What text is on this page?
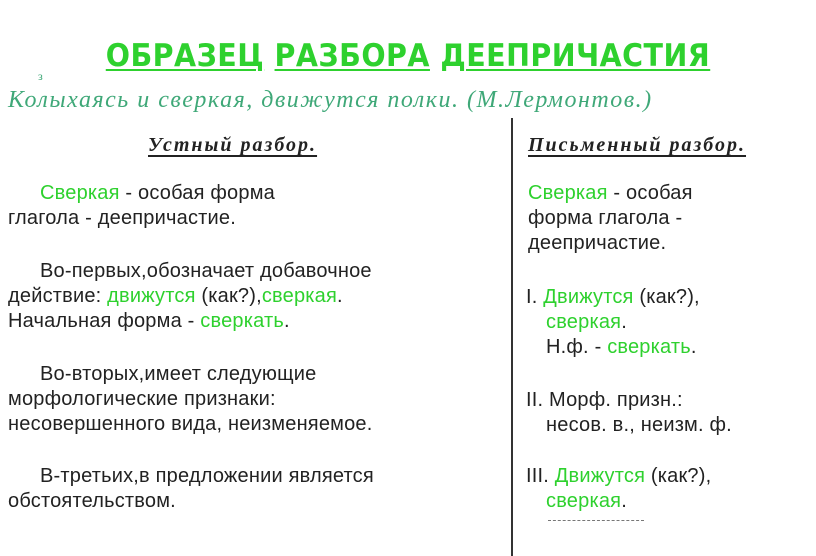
ОБРАЗЕЦ РАЗБОРА ДЕЕПРИЧАСТИЯ
Колыхаясь и сверкая
з
, движутся полки. (М.Лермонтов.)
Устный разбор.	Письменный разбор.
Сверкая - особая форма
глагола - деепричастие.
Во-первых,обозначает добавочное
действие: движутся (как?),сверкая.
Начальная форма - сверкать.
Во-вторых,имеет следующие
морфологические признаки:
несовершенного вида, неизменяемое.
В-третьих,в предложении является
обстоятельством.
Сверкая - особая
форма глагола -
деепричастие.
I. Движутся (как?),
сверкая.
Н.ф. - сверкать.
II. Морф. призн.:
несов. в., неизм. ф.
III. Движутся (как?),
сверкая.
